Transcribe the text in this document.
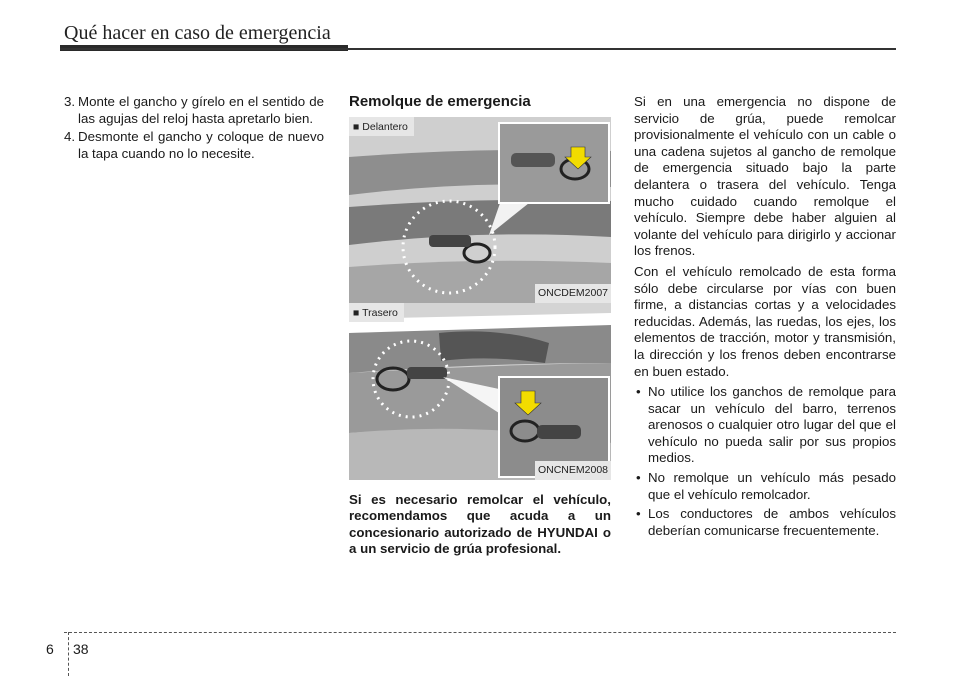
Qué hacer en caso de emergencia
3. Monte el gancho y gírelo en el sentido de las agujas del reloj hasta apretarlo bien.
4. Desmonte el gancho y coloque de nuevo la tapa cuando no lo necesite.
Remolque de emergencia
■ Delantero
ONCDEM2007
■ Trasero
ONCNEM2008
Si es necesario remolcar el vehículo, recomendamos que acuda a un concesionario autorizado de HYUNDAI o a un servicio de grúa profesional.

Si en una emergencia no dispone de servicio de grúa, puede remolcar provisionalmente el vehículo con un cable o una cadena sujetos al gancho de remolque de emergencia situado bajo la parte delantera o trasera del vehículo. Tenga mucho cuidado cuando remolque el vehículo. Siempre debe haber alguien al volante del vehículo para dirigirlo y accionar los frenos.

Con el vehículo remolcado de esta forma sólo debe circularse por vías con buen firme, a distancias cortas y a velocidades reducidas. Además, las ruedas, los ejes, los elementos de tracción, motor y transmisión, la dirección y los frenos deben encontrarse en buen estado.

• No utilice los ganchos de remolque para sacar un vehículo del barro, terrenos arenosos o cualquier otro lugar del que el vehículo no pueda salir por sus propios medios.
• No remolque un vehículo más pesado que el vehículo remolcador.
• Los conductores de ambos vehículos deberían comunicarse frecuentemente.
6 38
